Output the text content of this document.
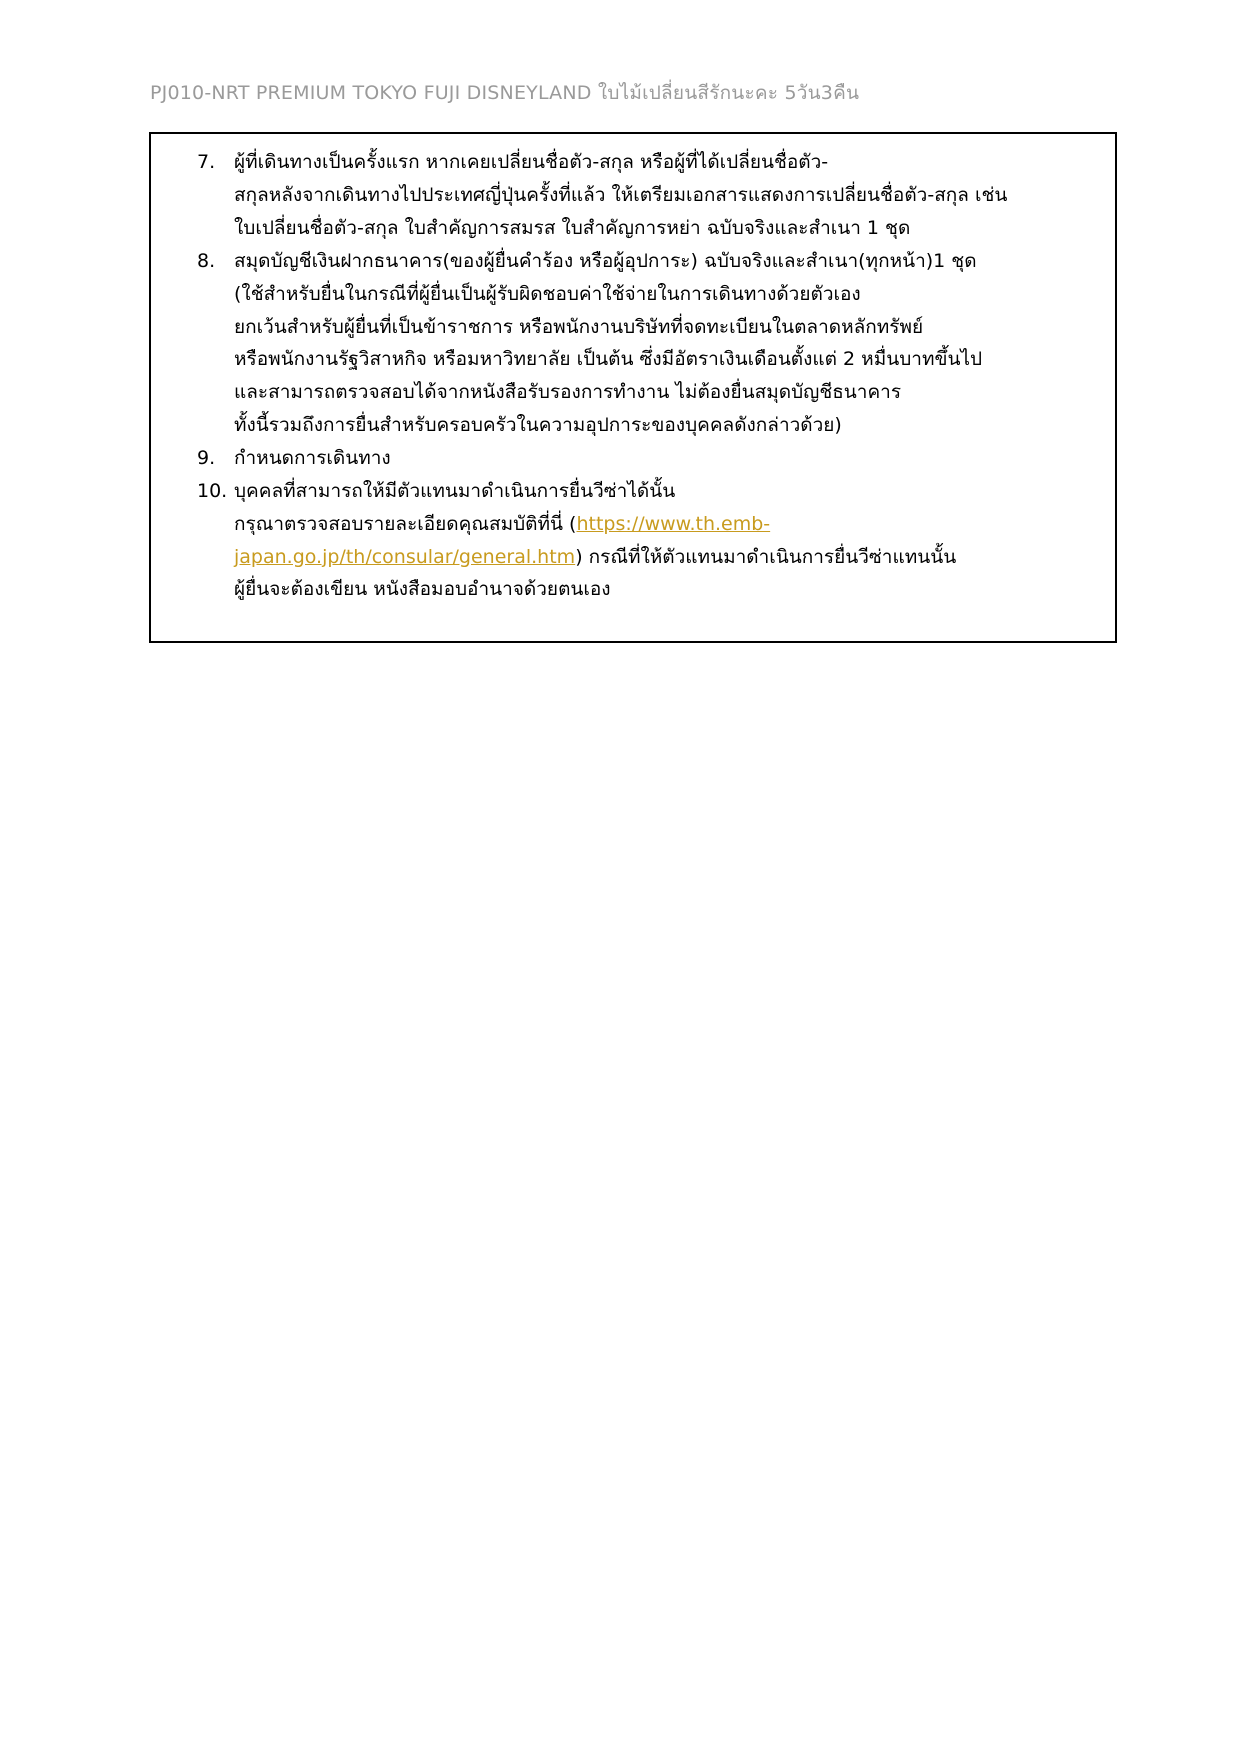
PJ010-NRT PREMIUM TOKYO FUJI DISNEYLAND ใบไม้เปลี่ยนสีรักนะคะ 5วัน3คืน
7. ผู้ที่เดินทางเป็นครั้งแรก หากเคยเปลี่ยนชื่อตัว-สกุล หรือผู้ที่ได้เปลี่ยนชื่อตัว-
สกุลหลังจากเดินทางไปประเทศญี่ปุ่นครั้งที่แล้ว ให้เตรียมเอกสารแสดงการเปลี่ยนชื่อตัว-สกุล เช่น
ใบเปลี่ยนชื่อตัว-สกุล ใบสำคัญการสมรส ใบสำคัญการหย่า ฉบับจริงและสำเนา 1 ชุด
8. สมุดบัญชีเงินฝากธนาคาร(ของผู้ยื่นคำร้อง หรือผู้อุปการะ) ฉบับจริงและสำเนา(ทุกหน้า)1 ชุด
(ใช้สำหรับยื่นในกรณีที่ผู้ยื่นเป็นผู้รับผิดชอบค่าใช้จ่ายในการเดินทางด้วยตัวเอง
ยกเว้นสำหรับผู้ยื่นที่เป็นข้าราชการ หรือพนักงานบริษัทที่จดทะเบียนในตลาดหลักทรัพย์
หรือพนักงานรัฐวิสาหกิจ หรือมหาวิทยาลัย เป็นต้น ซึ่งมีอัตราเงินเดือนตั้งแต่ 2 หมื่นบาทขึ้นไป
และสามารถตรวจสอบได้จากหนังสือรับรองการทำงาน ไม่ต้องยื่นสมุดบัญชีธนาคาร
ทั้งนี้รวมถึงการยื่นสำหรับครอบครัวในความอุปการะของบุคคลดังกล่าวด้วย)
9. กำหนดการเดินทาง
10. บุคคลที่สามารถให้มีตัวแทนมาดำเนินการยื่นวีซ่าได้นั้น
กรุณาตรวจสอบรายละเอียดคุณสมบัติที่นี่ (https://www.th.emb-
japan.go.jp/th/consular/general.htm) กรณีที่ให้ตัวแทนมาดำเนินการยื่นวีซ่าแทนนั้น
ผู้ยื่นจะต้องเขียน หนังสือมอบอำนาจด้วยตนเอง
